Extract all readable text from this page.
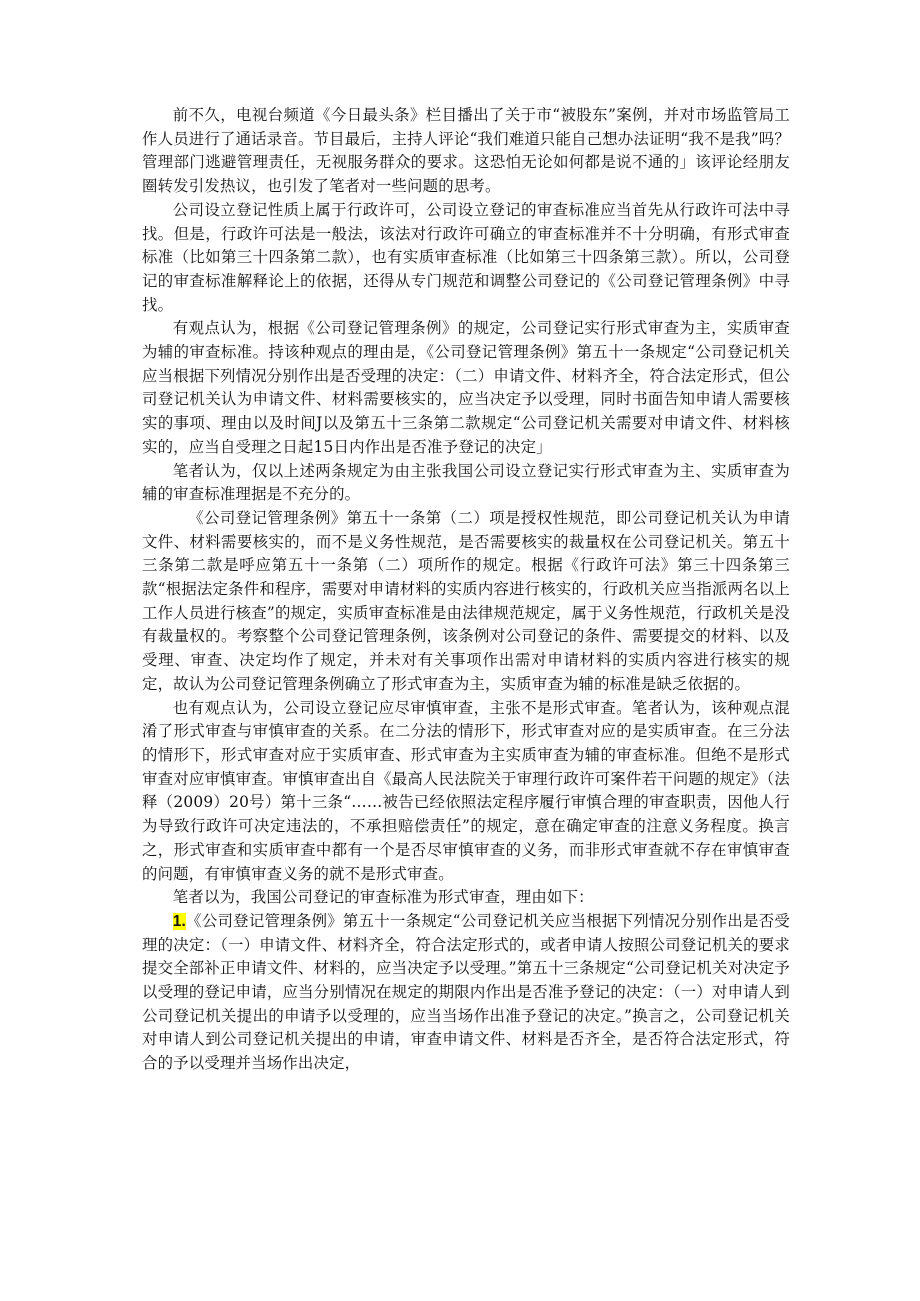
前不久，电视台频道《今日最头条》栏目播出了关于市“被股东”案例，并对市场监管局工作人员进行了通话录音。节目最后，主持人评论“我们难道只能自己想办法证明“我不是我”吗？管理部门逃避管理责任，无视服务群众的要求。这恐怕无论如何都是说不通的」该评论经朋友圈转发引发热议，也引发了笔者对一些问题的思考。

公司设立登记性质上属于行政许可，公司设立登记的审查标准应当首先从行政许可法中寻找。但是，行政许可法是一般法，该法对行政许可确立的审查标准并不十分明确，有形式审查标准（比如第三十四条第二款），也有实质审查标准（比如第三十四条第三款）。所以，公司登记的审查标准解释论上的依据，还得从专门规范和调整公司登记的《公司登记管理条例》中寻找。

有观点认为，根据《公司登记管理条例》的规定，公司登记实行形式审查为主，实质审查为辅的审查标准。持该种观点的理由是，《公司登记管理条例》第五十一条规定“公司登记机关应当根据下列情况分别作出是否受理的决定：（二）申请文件、材料齐全，符合法定形式，但公司登记机关认为申请文件、材料需要核实的，应当决定予以受理，同时书面告知申请人需要核实的事项、理由以及时间J以及第五十三条第二款规定“公司登记机关需要对申请文件、材料核实的，应当自受理之日起15日内作出是否准予登记的决定」

笔者认为，仅以上述两条规定为由主张我国公司设立登记实行形式审查为主、实质审查为辅的审查标准理据是不充分的。

《公司登记管理条例》第五十一条第（二）项是授权性规范，即公司登记机关认为申请文件、材料需要核实的，而不是义务性规范，是否需要核实的裁量权在公司登记机关。第五十三条第二款是呼应第五十一条第（二）项所作的规定。根据《行政许可法》第三十四条第三款“根据法定条件和程序，需要对申请材料的实质内容进行核实的，行政机关应当指派两名以上工作人员进行核查”的规定，实质审查标准是由法律规范规定，属于义务性规范，行政机关是没有裁量权的。考察整个公司登记管理条例，该条例对公司登记的条件、需要提交的材料、以及受理、审查、决定均作了规定，并未对有关事项作出需对申请材料的实质内容进行核实的规定，故认为公司登记管理条例确立了形式审查为主，实质审查为辅的标准是缺乏依据的。

也有观点认为，公司设立登记应尽审慎审查，主张不是形式审查。笔者认为，该种观点混淆了形式审查与审慎审查的关系。在二分法的情形下，形式审查对应的是实质审查。在三分法的情形下，形式审查对应于实质审查、形式审查为主实质审查为辅的审查标准。但绝不是形式审查对应审慎审查。审慎审查出自《最高人民法院关于审理行政许可案件若干问题的规定》（法释（2009）20号）第十三条“……被告已经依照法定程序履行审慎合理的审查职责，因他人行为导致行政许可决定违法的，不承担赔偿责任”的规定，意在确定审查的注意义务程度。换言之，形式审查和实质审查中都有一个是否尽审慎审查的义务，而非形式审查就不存在审慎审查的问题，有审慎审查义务的就不是形式审查。

笔者以为，我国公司登记的审查标准为形式审查，理由如下：

1.《公司登记管理条例》第五十一条规定“公司登记机关应当根据下列情况分别作出是否受理的决定：（一）申请文件、材料齐全，符合法定形式的，或者申请人按照公司登记机关的要求提交全部补正申请文件、材料的，应当决定予以受理。”第五十三条规定“公司登记机关对决定予以受理的登记申请，应当分别情况在规定的期限内作出是否准予登记的决定：（一）对申请人到公司登记机关提出的申请予以受理的，应当当场作出准予登记的决定。”换言之，公司登记机关对申请人到公司登记机关提出的申请，审查申请文件、材料是否齐全，是否符合法定形式，符合的予以受理并当场作出决定，
